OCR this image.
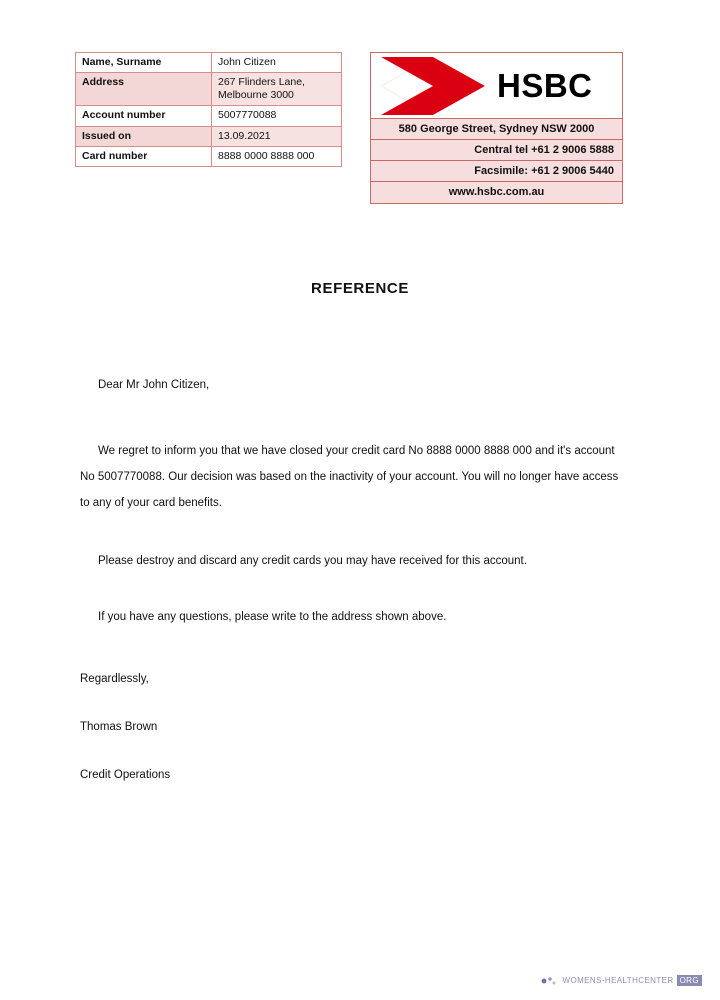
Name, Surname	John Citizen
Address	267 Flinders Lane,
Melbourne 3000

Account number	5007770088
Issued on	13.09.2021
Card number	8888 0000 8888 000
HSBC
580 George Street, Sydney NSW 2000
Central tel +61 2 9006 5888
Facsimile: +61 2 9006 5440
www.hsbc.com.au
REFERENCE

Dear Mr John Citizen,

We regret to inform you that we have closed your credit card No 8888 0000 8888 000 and it's account No 5007770088. Our decision was based on the inactivity of your account. You will no longer have access to any of your card benefits.

Please destroy and discard any credit cards you may have received for this account.

If you have any questions, please write to the address shown above.

Regardlessly,

Thomas Brown

Credit Operations

WOMENS-HEALTHCENTER ORG
